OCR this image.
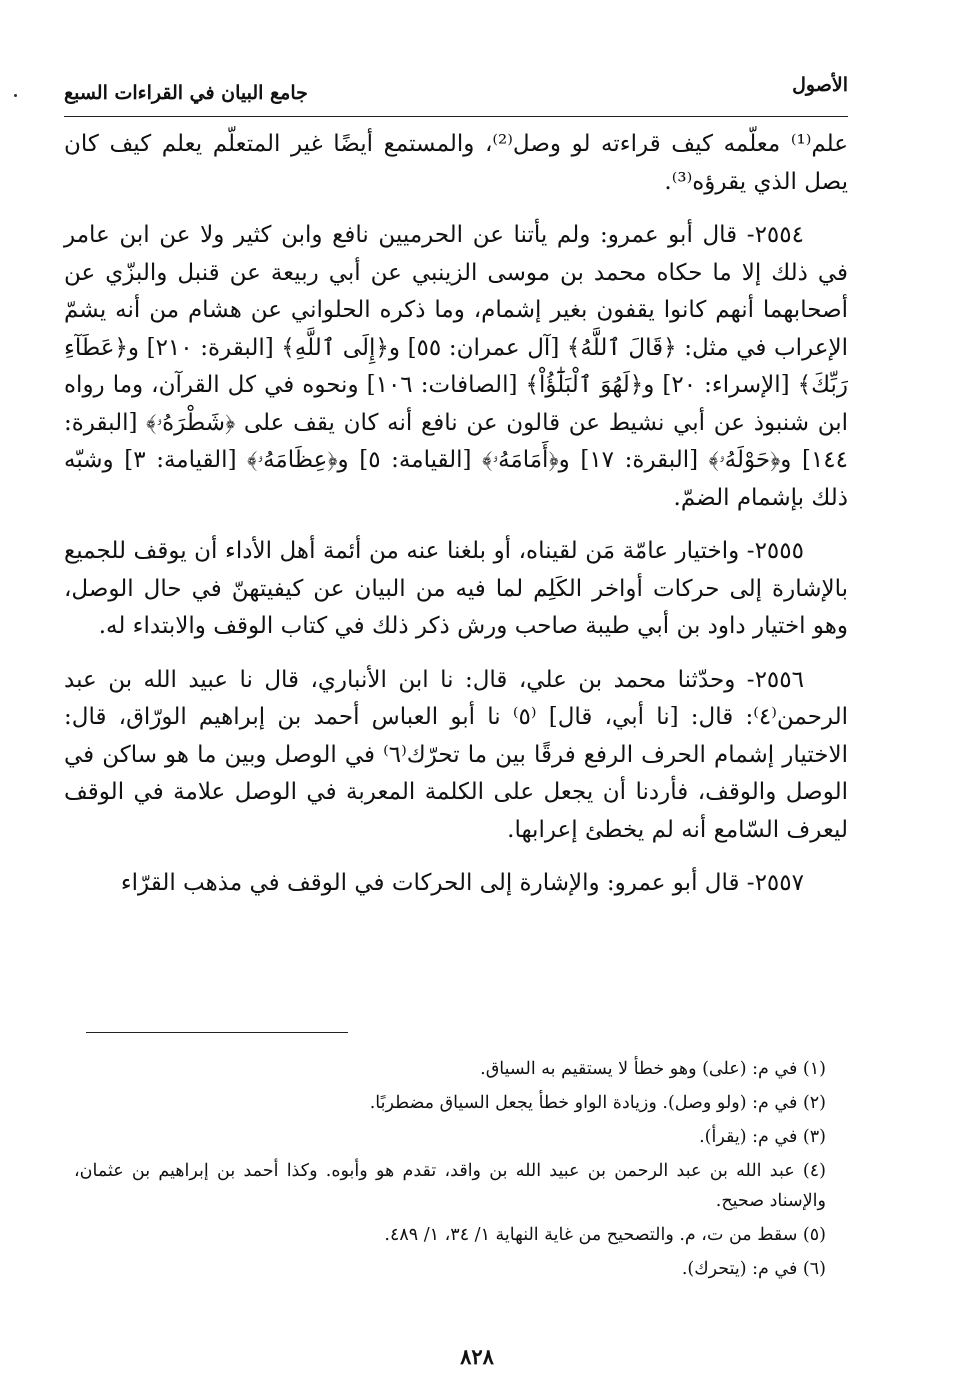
الأصول
جامع البيان في القراءات السبع

علم⁽¹⁾ معلّمه كيف قراءته لو وصل⁽²⁾، والمستمع أيضًا غير المتعلّم يعلم كيف كان يصل الذي يقرؤه⁽³⁾.

٢٥٥٤- قال أبو عمرو: ولم يأتنا عن الحرميين نافع وابن كثير ولا عن ابن عامر في ذلك إلا ما حكاه محمد بن موسى الزينبي عن أبي ربيعة عن قنبل والبزّي عن أصحابهما أنهم كانوا يقفون بغير إشمام، وما ذكره الحلواني عن هشام من أنه يشمّ الإعراب في مثل: ﴿قَالَ ٱللَّهُ﴾ [آل عمران: ٥٥] و﴿إِلَى ٱللَّهِ﴾ [البقرة: ٢١٠] و﴿عَطَآءِ رَبِّكَ﴾ [الإسراء: ٢٠] و﴿لَهُوَ ٱلْبَلَٰٓؤُاْ﴾ [الصافات: ١٠٦] ونحوه في كل القرآن، وما رواه ابن شنبوذ عن أبي نشيط عن قالون عن نافع أنه كان يقف على ﴿شَطْرَهُۥ﴾ [البقرة: ١٤٤] و﴿حَوْلَهُۥ﴾ [البقرة: ١٧] و﴿أَمَامَهُۥ﴾ [القيامة: ٥] و﴿عِظَامَهُۥ﴾ [القيامة: ٣] وشبّه ذلك بإشمام الضمّ.

٢٥٥٥- واختيار عامّة مَن لقيناه، أو بلغنا عنه من أئمة أهل الأداء أن يوقف للجميع بالإشارة إلى حركات أواخر الكَلِم لما فيه من البيان عن كيفيتهنّ في حال الوصل، وهو اختيار داود بن أبي طيبة صاحب ورش ذكر ذلك في كتاب الوقف والابتداء له.

٢٥٥٦- وحدّثنا محمد بن علي، قال: نا ابن الأنباري، قال نا عبيد الله بن عبد الرحمن⁽٤⁾: قال: [نا أبي، قال] ⁽٥⁾ نا أبو العباس أحمد بن إبراهيم الورّاق، قال: الاختيار إشمام الحرف الرفع فرقًا بين ما تحرّك⁽٦⁾ في الوصل وبين ما هو ساكن في الوصل والوقف، فأردنا أن يجعل على الكلمة المعربة في الوصل علامة في الوقف ليعرف السّامع أنه لم يخطئ إعرابها.

٢٥٥٧- قال أبو عمرو: والإشارة إلى الحركات في الوقف في مذهب القرّاء

(١) في م: (على) وهو خطأ لا يستقيم به السياق.

(٢) في م: (ولو وصل). وزيادة الواو خطأ يجعل السياق مضطربًا.

(٣) في م: (يقرأ).

(٤) عبد الله بن عبد الرحمن بن عبيد الله بن واقد، تقدم هو وأبوه. وكذا أحمد بن إبراهيم بن عثمان، والإسناد صحيح.

(٥) سقط من ت، م. والتصحيح من غاية النهاية ١/ ٣٤، ١/ ٤٨٩.

(٦) في م: (يتحرك).

٨٢٨
